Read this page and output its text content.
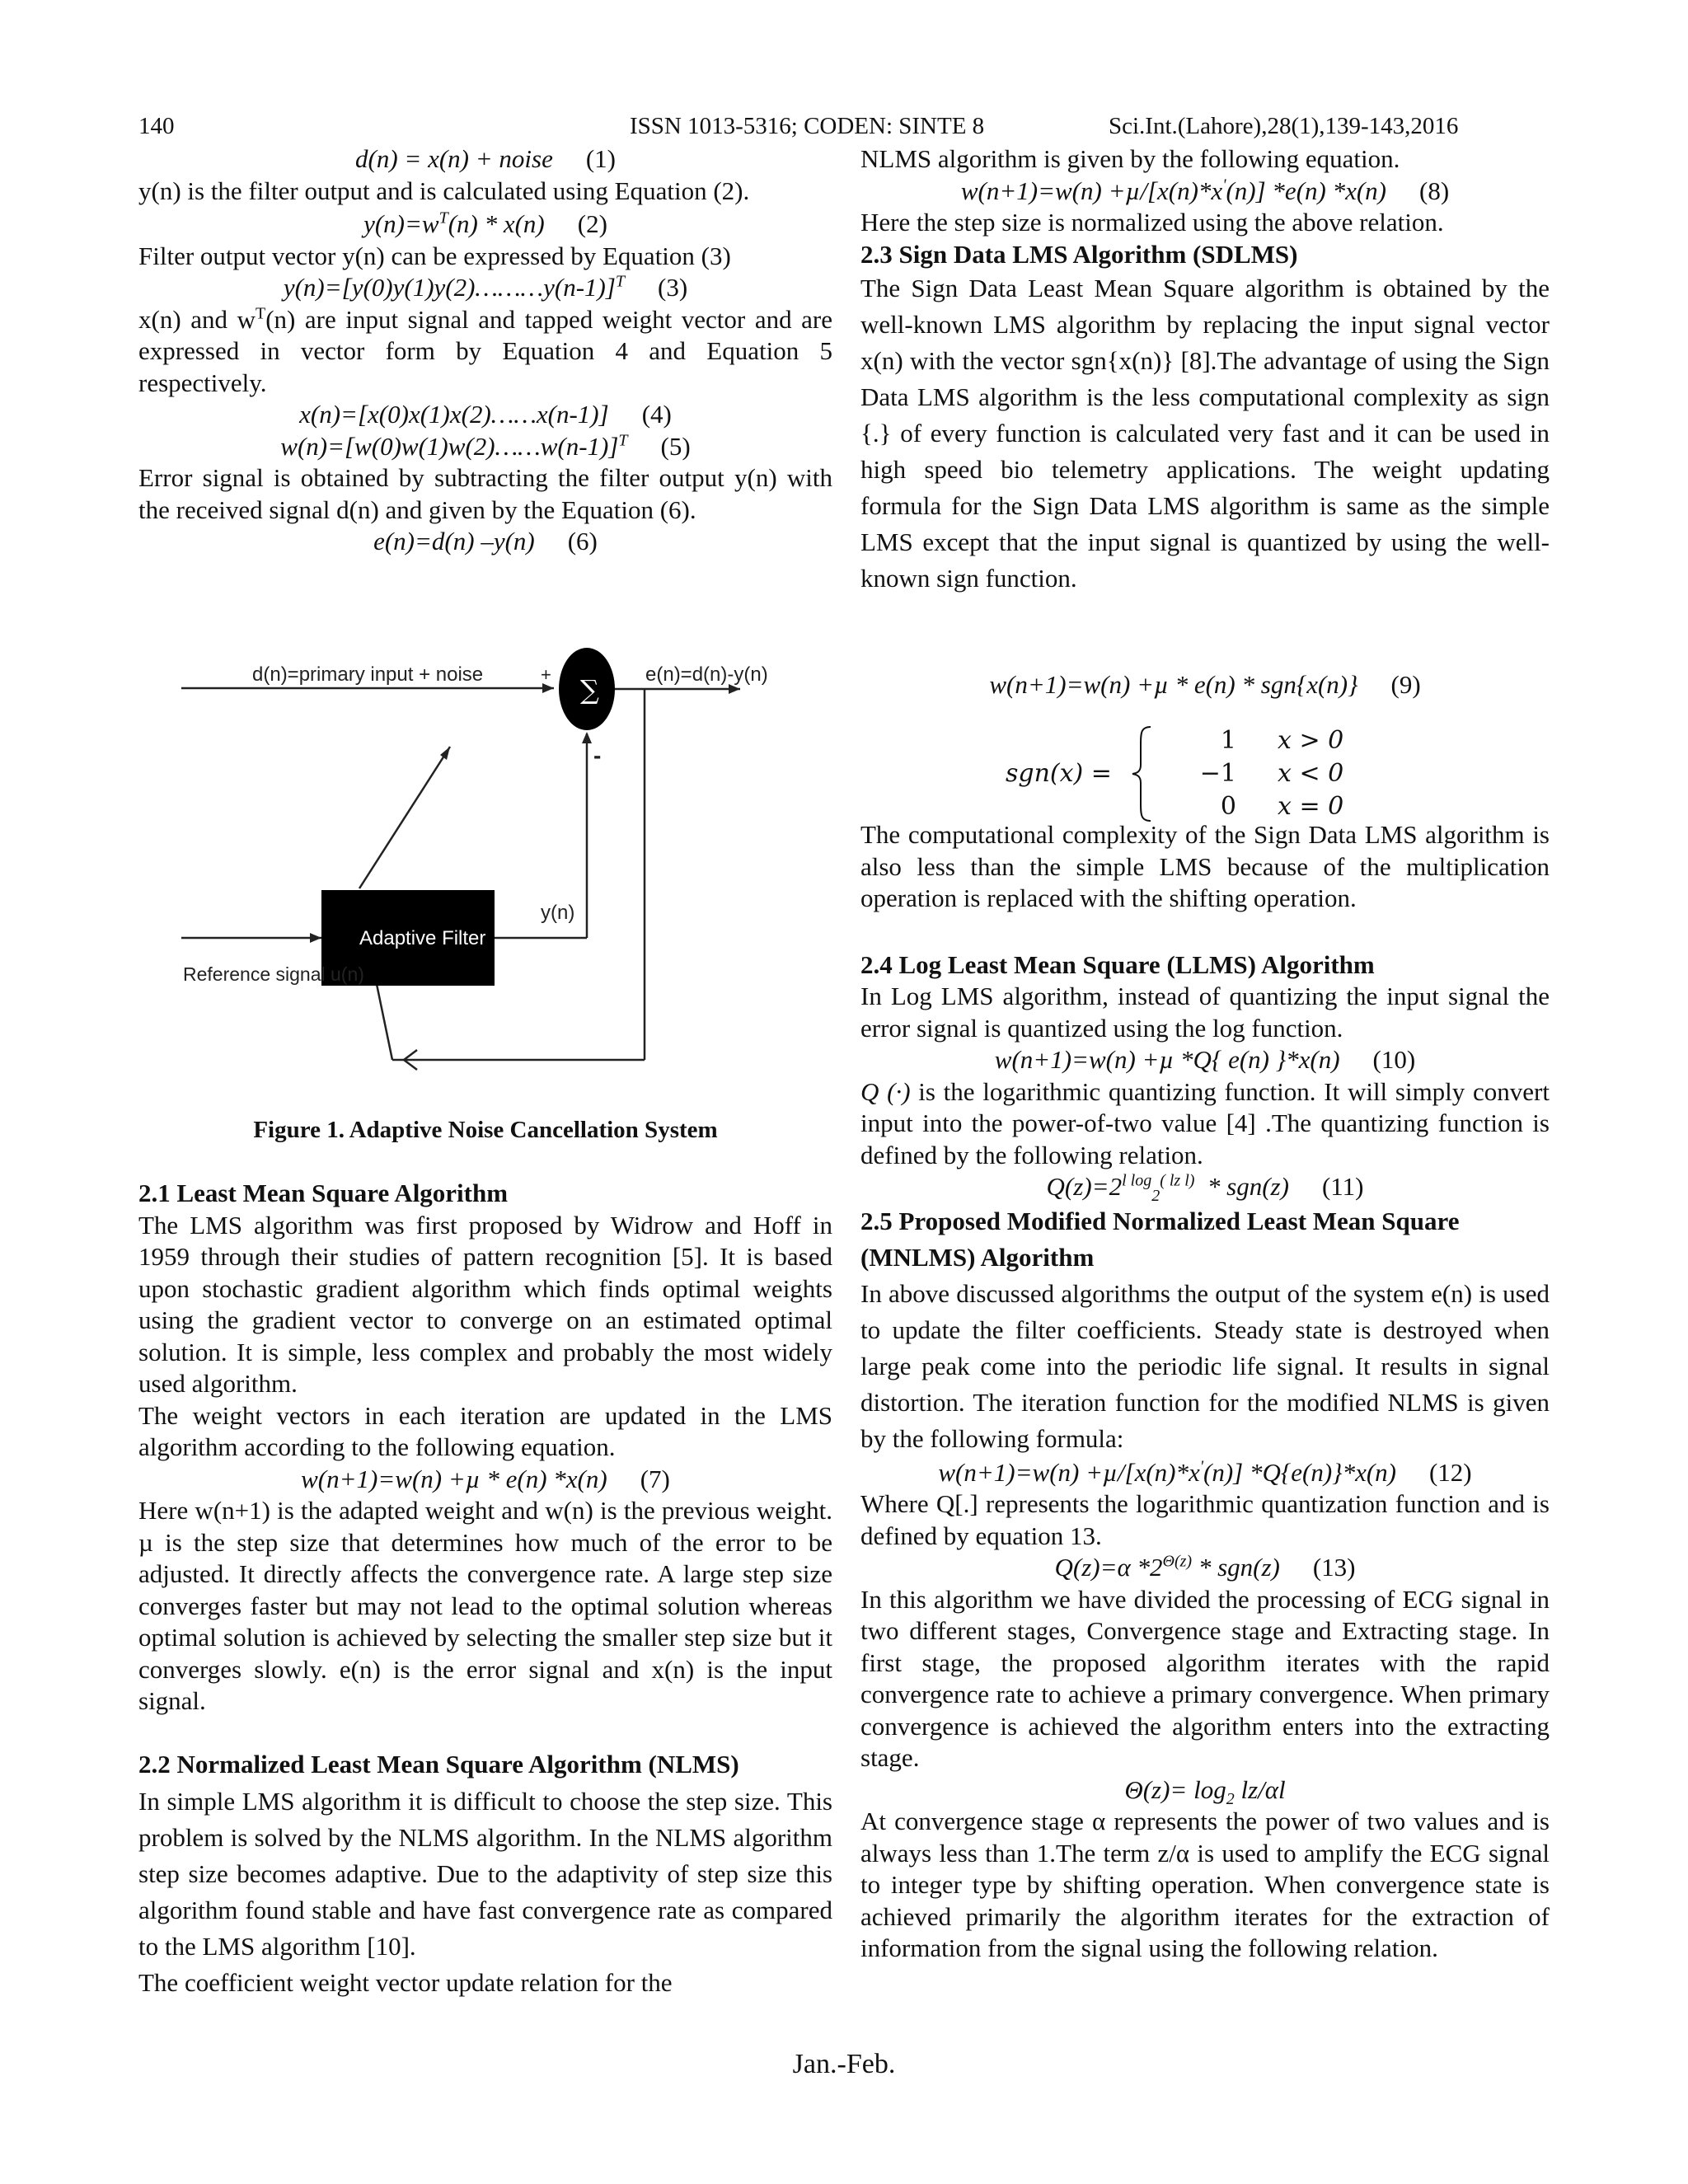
140	ISSN 1013-5316; CODEN: SINTE 8	Sci.Int.(Lahore),28(1),139-143,2016
d(n) = x(n) + noise (1)

y(n) is the filter output and is calculated using Equation (2).

$y(n)=w^T(n) * x(n)$ (2)

Filter output vector y(n) can be expressed by Equation (3)

y(n)=[y(0)y(1)y(2)………y(n-1)]$^T$ (3)

x(n) and $w^T(n)$ are input signal and tapped weight vector and are expressed in vector form by Equation 4 and Equation 5 respectively.

x(n)=[x(0)x(1)x(2)……x(n-1)] (4)
w(n)=[w(0)w(1)w(2)……w(n-1)]$^T$ (5)

Error signal is obtained by subtracting the filter output y(n) with the received signal d(n) and given by the Equation (6).

e(n)=d(n) –y(n) (6)
d(n)=primary input + noise	+ ∑
-
e(n)=d(n)-y(n)
Adaptive Filter
y(n)
Reference signal u(n)
Figure 1. Adaptive Noise Cancellation System

2.1 Least Mean Square Algorithm

The LMS algorithm was first proposed by Widrow and Hoff in 1959 through their studies of pattern recognition [5]. It is based upon stochastic gradient algorithm which finds optimal weights using the gradient vector to converge on an estimated optimal solution. It is simple, less complex and probably the most widely used algorithm.

The weight vectors in each iteration are updated in the LMS algorithm according to the following equation.

w(n+1)=w(n) +µ * e(n) *x(n) (7)

Here w(n+1) is the adapted weight and w(n) is the previous weight. µ is the step size that determines how much of the error to be adjusted. It directly affects the convergence rate. A large step size converges faster but may not lead to the optimal solution whereas optimal solution is achieved by selecting the smaller step size but it converges slowly. e(n) is the error signal and x(n) is the input signal.

2.2 Normalized Least Mean Square Algorithm (NLMS)

In simple LMS algorithm it is difficult to choose the step size. This problem is solved by the NLMS algorithm. In the NLMS algorithm step size becomes adaptive. Due to the adaptivity of step size this algorithm found stable and have fast convergence rate as compared to the LMS algorithm [10].

The coefficient weight vector update relation for the

NLMS algorithm is given by the following equation.

w(n+1)=w(n) +µ/[x(n)*x'(n)] *e(n) *x(n) (8)

Here the step size is normalized using the above relation.

2.3 Sign Data LMS Algorithm (SDLMS)

The Sign Data Least Mean Square algorithm is obtained by the well-known LMS algorithm by replacing the input signal vector x(n) with the vector sgn{x(n)} [8].The advantage of using the Sign Data LMS algorithm is the less computational complexity as sign {.} of every function is calculated very fast and it can be used in high speed bio telemetry applications. The weight updating formula for the Sign Data LMS algorithm is same as the simple LMS except that the input signal is quantized by using the well-known sign function.

w(n+1)=w(n) +µ * e(n) * sgn{x(n)} (9)
sgn(x) =
1 x > 0
−1 x < 0
0 x = 0

The computational complexity of the Sign Data LMS algorithm is also less than the simple LMS because of the multiplication operation is replaced with the shifting operation.

2.4 Log Least Mean Square (LLMS) Algorithm

In Log LMS algorithm, instead of quantizing the input signal the error signal is quantized using the log function.

w(n+1)=w(n) +µ *Q{ e(n) }*x(n) (10)

Q (·) is the logarithmic quantizing function. It will simply convert input into the power-of-two value [4] .The quantizing function is defined by the following relation.

$Q(z)=2^{l log}_2^{( lz l)} * sgn(z)$ (11)

2.5 Proposed Modified Normalized Least Mean Square (MNLMS) Algorithm

In above discussed algorithms the output of the system e(n) is used to update the filter coefficients. Steady state is destroyed when large peak come into the periodic life signal. It results in signal distortion. The iteration function for the modified NLMS is given by the following formula:

w(n+1)=w(n) +µ/[x(n)*x'(n)] *Q{e(n)}*x(n) (12)

Where Q[.] represents the logarithmic quantization function and is defined by equation 13.

Q(z)=α $*2^{\Theta(z)} * sgn(z)$ (13)

In this algorithm we have divided the processing of ECG signal in two different stages, Convergence stage and Extracting stage. In first stage, the proposed algorithm iterates with the rapid convergence rate to achieve a primary convergence. When primary convergence is achieved the algorithm enters into the extracting stage.

$\Theta(z)= \log_2 lz/\alpha l$

At convergence stage α represents the power of two values and is always less than 1.The term z/α is used to amplify the ECG signal to integer type by shifting operation. When convergence state is achieved primarily the algorithm iterates for the extraction of information from the signal using the following relation.

Jan.-Feb.
